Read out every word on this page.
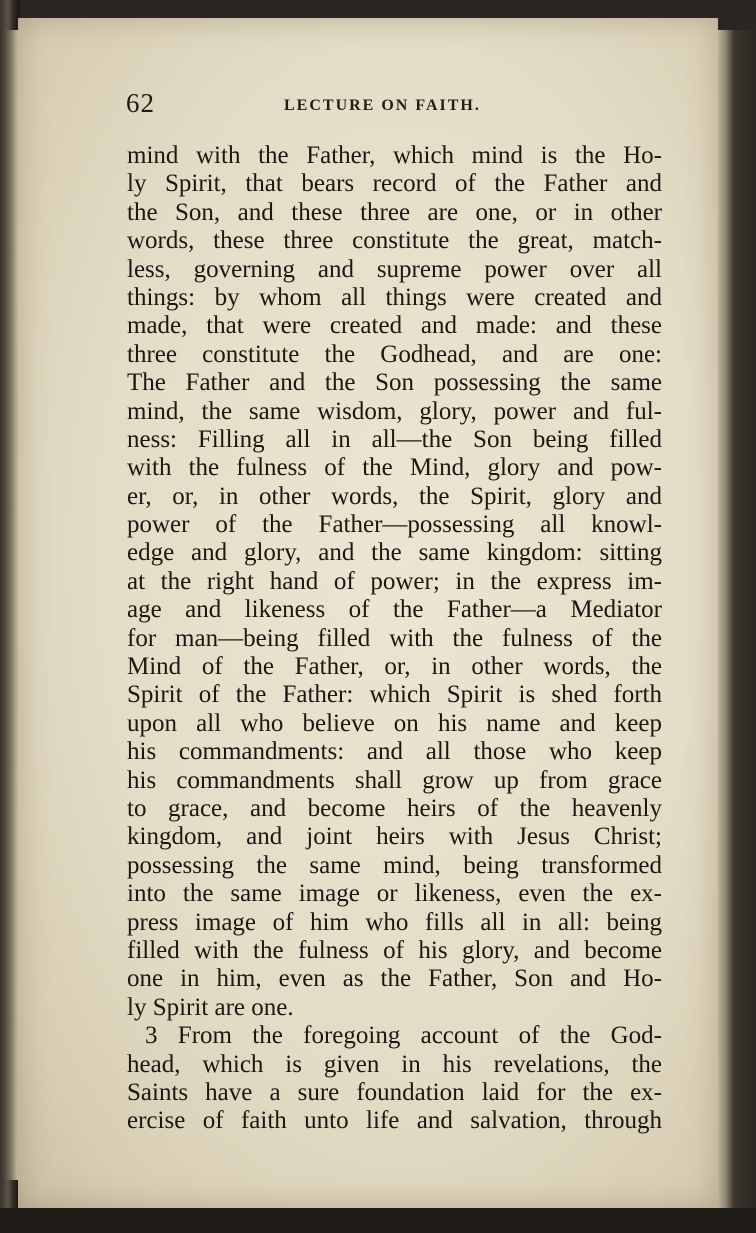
62	LECTURE ON FAITH.
mind with the Father, which mind is the Ho-
ly Spirit, that bears record of the Father and
the Son, and these three are one, or in other
words, these three constitute the great, match-
less, governing and supreme power over all
things: by whom all things were created and
made, that were created and made: and these
three constitute the Godhead, and are one:
The Father and the Son possessing the same
mind, the same wisdom, glory, power and ful-
ness: Filling all in all—the Son being filled
with the fulness of the Mind, glory and pow-
er, or, in other words, the Spirit, glory and
power of the Father—possessing all knowl-
edge and glory, and the same kingdom: sitting
at the right hand of power; in the express im-
age and likeness of the Father—a Mediator
for man—being filled with the fulness of the
Mind of the Father, or, in other words, the
Spirit of the Father: which Spirit is shed forth
upon all who believe on his name and keep
his commandments: and all those who keep
his commandments shall grow up from grace
to grace, and become heirs of the heavenly
kingdom, and joint heirs with Jesus Christ;
possessing the same mind, being transformed
into the same image or likeness, even the ex-
press image of him who fills all in all: being
filled with the fulness of his glory, and become
one in him, even as the Father, Son and Ho-
ly Spirit are one.
3 From the foregoing account of the God-
head, which is given in his revelations, the
Saints have a sure foundation laid for the ex-
ercise of faith unto life and salvation, through
